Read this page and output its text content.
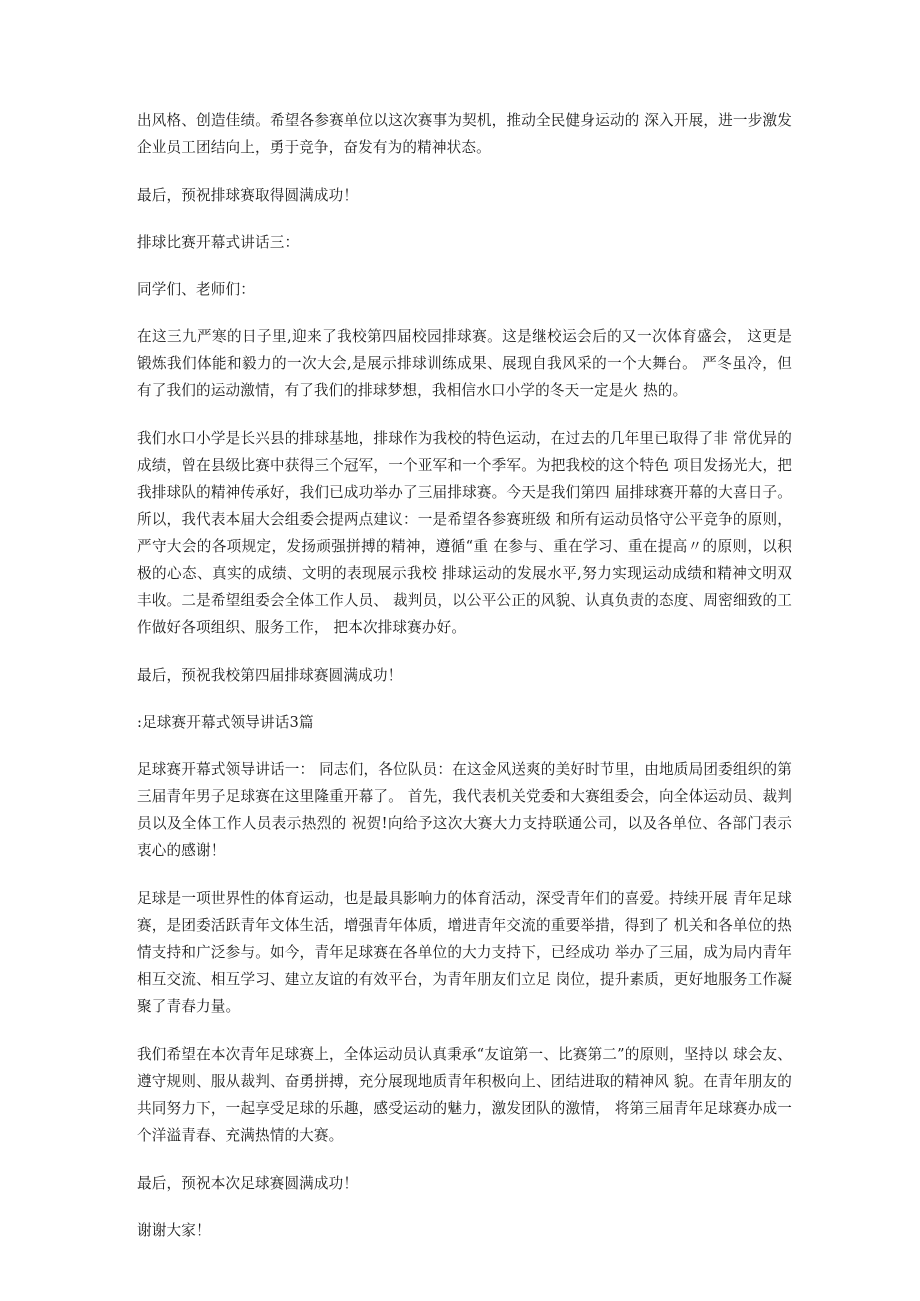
出风格、创造佳绩。希望各参赛单位以这次赛事为契机，推动全民健身运动的 深入开展，进一步激发企业员工团结向上，勇于竞争，奋发有为的精神状态。

最后，预祝排球赛取得圆满成功！

排球比赛开幕式讲话三：

同学们、老师们：

在这三九严寒的日子里,迎来了我校第四届校园排球赛。这是继校运会后的又一次体育盛会， 这更是锻炼我们体能和毅力的一次大会,是展示排球训练成果、展现自我风采的一个大舞台。 严冬虽冷，但有了我们的运动激情，有了我们的排球梦想，我相信水口小学的冬天一定是火 热的。

我们水口小学是长兴县的排球基地，排球作为我校的特色运动，在过去的几年里已取得了非 常优异的成绩，曾在县级比赛中获得三个冠军，一个亚军和一个季军。为把我校的这个特色 项目发扬光大，把我排球队的精神传承好，我们已成功举办了三届排球赛。今天是我们第四 届排球赛开幕的大喜日子。所以，我代表本届大会组委会提两点建议：一是希望各参赛班级 和所有运动员恪守公平竞争的原则，严守大会的各项规定，发扬顽强拼搏的精神，遵循“重 在参与、重在学习、重在提高〃的原则，以积极的心态、真实的成绩、文明的表现展示我校 排球运动的发展水平,努力实现运动成绩和精神文明双丰收。二是希望组委会全体工作人员、 裁判员，以公平公正的风貌、认真负责的态度、周密细致的工作做好各项组织、服务工作， 把本次排球赛办好。

最后，预祝我校第四届排球赛圆满成功！

:足球赛开幕式领导讲话3篇

足球赛开幕式领导讲话一： 同志们，各位队员：在这金风送爽的美好时节里，由地质局团委组织的第三届青年男子足球赛在这里隆重开幕了。 首先，我代表机关党委和大赛组委会，向全体运动员、裁判员以及全体工作人员表示热烈的 祝贺!向给予这次大赛大力支持联通公司，以及各单位、各部门表示衷心的感谢！

足球是一项世界性的体育运动，也是最具影响力的体育活动，深受青年们的喜爱。持续开展 青年足球赛，是团委活跃青年文体生活，增强青年体质，增进青年交流的重要举措，得到了 机关和各单位的热情支持和广泛参与。如今，青年足球赛在各单位的大力支持下，已经成功 举办了三届，成为局内青年相互交流、相互学习、建立友谊的有效平台，为青年朋友们立足 岗位，提升素质，更好地服务工作凝聚了青春力量。

我们希望在本次青年足球赛上，全体运动员认真秉承“友谊第一、比赛第二”的原则，坚持以 球会友、遵守规则、服从裁判、奋勇拼搏，充分展现地质青年积极向上、团结进取的精神风 貌。在青年朋友的共同努力下，一起享受足球的乐趣，感受运动的魅力，激发团队的激情， 将第三届青年足球赛办成一个洋溢青春、充满热情的大赛。

最后，预祝本次足球赛圆满成功！

谢谢大家！
